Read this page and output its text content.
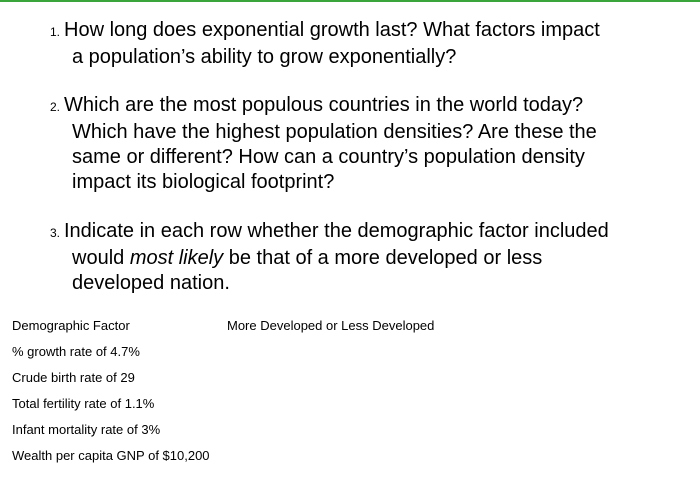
1. How long does exponential growth last? What factors impact
a population’s ability to grow exponentially?
2. Which are the most populous countries in the world today?
Which have the highest population densities? Are these the
same or different? How can a country’s population density
impact its biological footprint?
3. Indicate in each row whether the demographic factor included
would most likely be that of a more developed or less
developed nation.
Demographic Factor	More Developed or Less Developed
% growth rate of 4.7%
Crude birth rate of 29
Total fertility rate of 1.1%
Infant mortality rate of 3%
Wealth per capita GNP of $10,200
